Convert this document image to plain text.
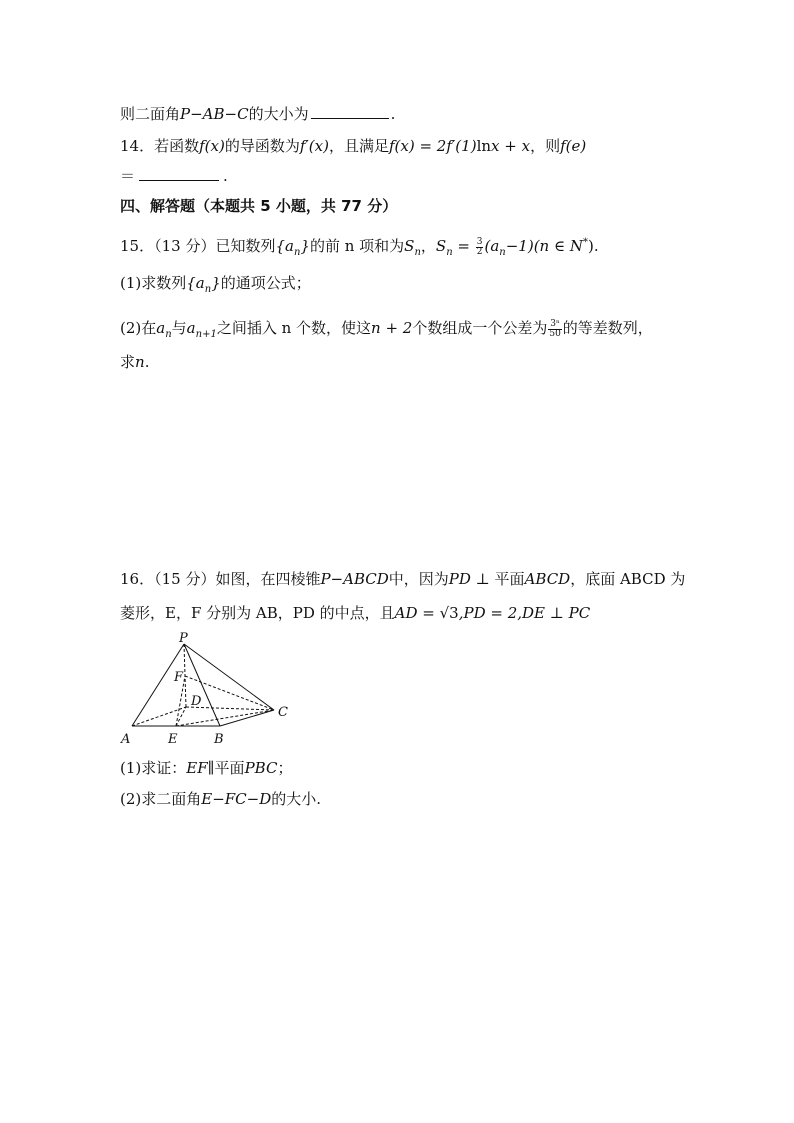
则二面角P−AB−C的大小为	.
14．若函数f(x)的导函数为f′(x)，且满足f(x) = 2f′(1)lnx + x，则f(e)
＝	.
四、解答题（本题共 5 小题，共 77 分）
15．（13 分）已知数列$\{a_n\}$的前 n 项和为$S_n$，$S_n = \frac{3}{2} (a_n-1)(n$ ∈ N*).
(1)求数列$\{a_n\}$的通项公式；
(2)在$a_n$与$a_{n+1}$之间插入 n 个数，使这n + 2个数组成一个公差为 $\frac{\text{3ⁿ}}{50}$ 的等差数列，
求n.
16．（15 分）如图，在四棱锥P−ABCD中，因为PD ⊥ 平面ABCD，底面 ABCD 为
菱形，E，F 分别为 AB，PD 的中点，且AD = √3,PD = 2,DE ⊥ PC
P
F
D
C
A	E	B
(1)求证：EF∥平面PBC；
(2)求二面角E−FC−D的大小.
